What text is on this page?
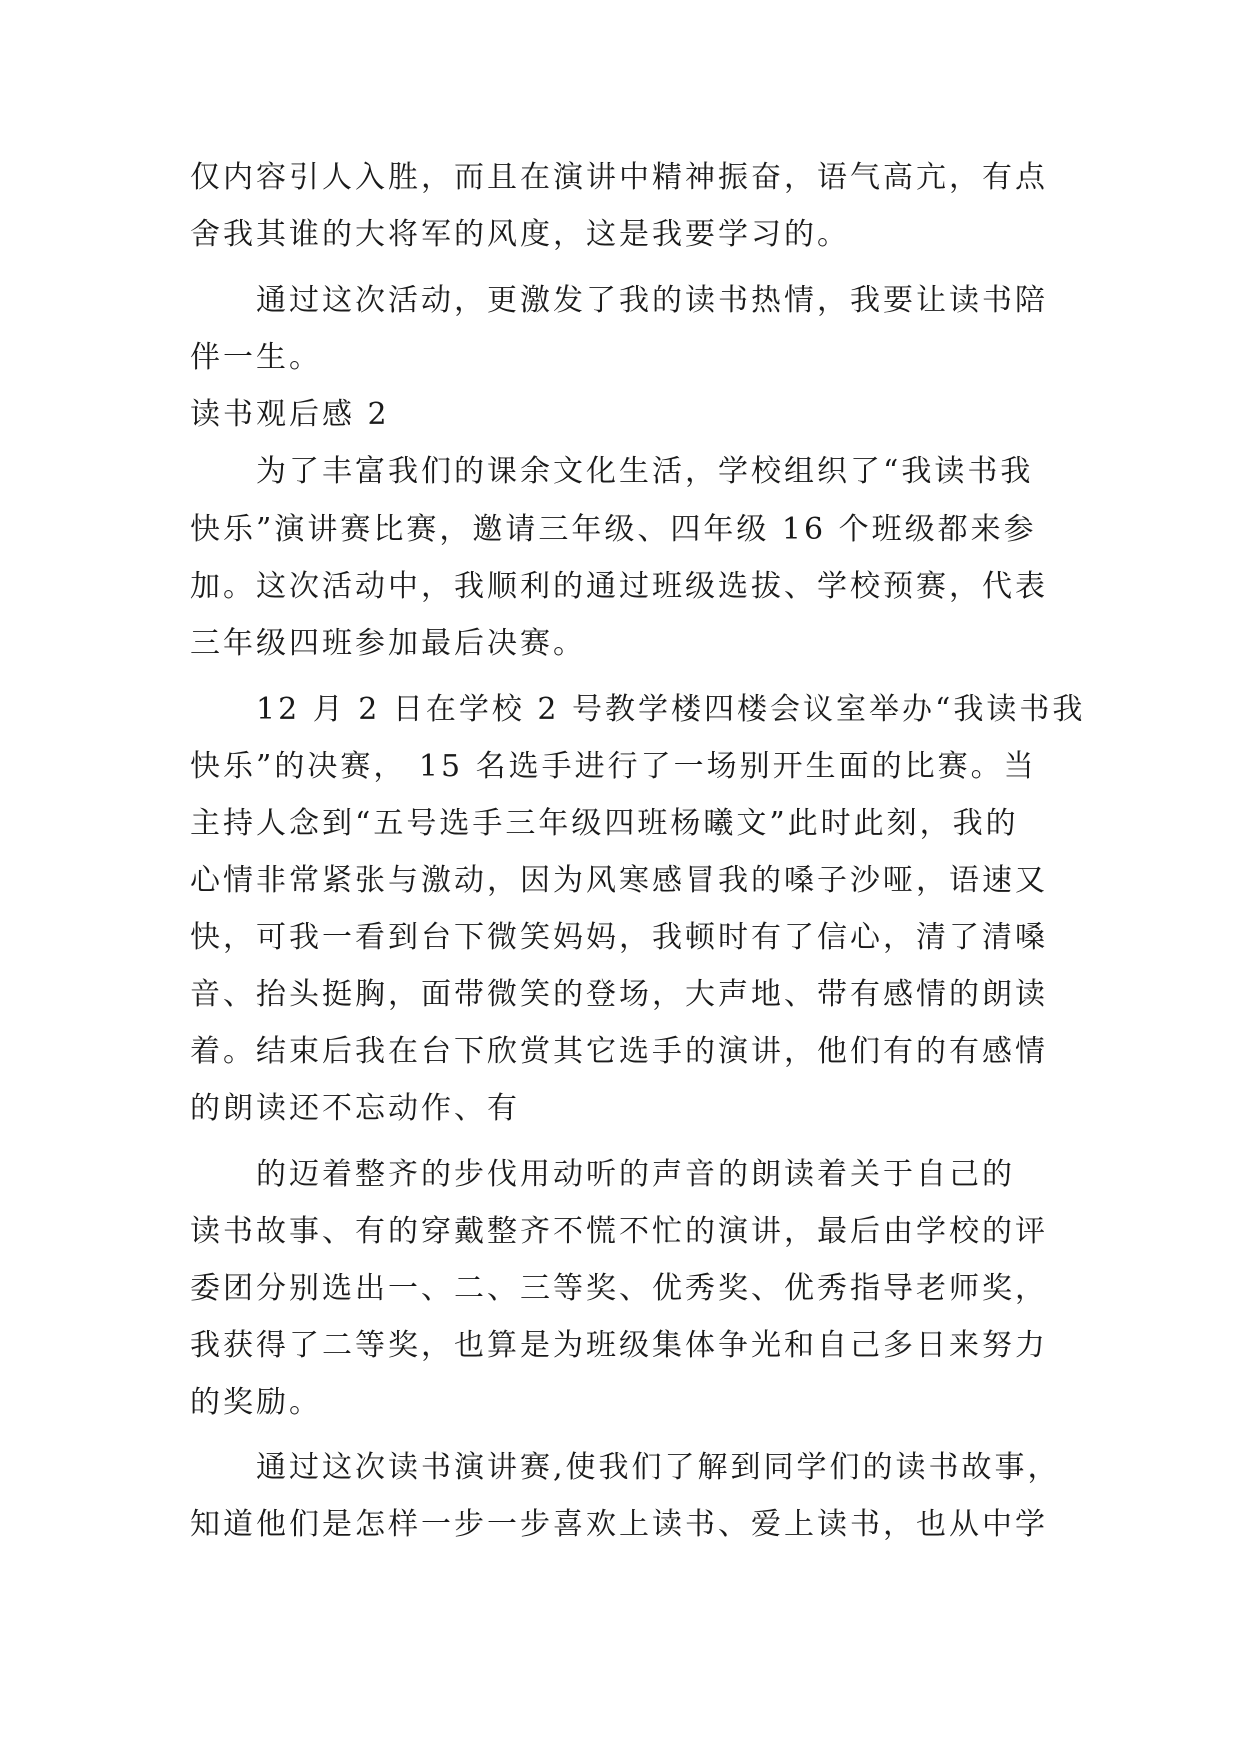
仅内容引人入胜，而且在演讲中精神振奋，语气高亢，有点
舍我其谁的大将军的风度，这是我要学习的。
　　通过这次活动，更激发了我的读书热情，我要让读书陪
伴一生。
读书观后感 2
　　为了丰富我们的课余文化生活，学校组织了“我读书我
快乐”演讲赛比赛，邀请三年级、四年级 16 个班级都来参
加。这次活动中，我顺利的通过班级选拔、学校预赛，代表
三年级四班参加最后决赛。
　　12 月 2 日在学校 2 号教学楼四楼会议室举办“我读书我
快乐”的决赛， 15 名选手进行了一场别开生面的比赛。当
主持人念到“五号选手三年级四班杨曦文”此时此刻，我的
心情非常紧张与激动，因为风寒感冒我的嗓子沙哑，语速又
快，可我一看到台下微笑妈妈，我顿时有了信心，清了清嗓
音、抬头挺胸，面带微笑的登场，大声地、带有感情的朗读
着。结束后我在台下欣赏其它选手的演讲，他们有的有感情
的朗读还不忘动作、有
　　的迈着整齐的步伐用动听的声音的朗读着关于自己的
读书故事、有的穿戴整齐不慌不忙的演讲，最后由学校的评
委团分别选出一、二、三等奖、优秀奖、优秀指导老师奖，
我获得了二等奖，也算是为班级集体争光和自己多日来努力
的奖励。
　　通过这次读书演讲赛,使我们了解到同学们的读书故事，
知道他们是怎样一步一步喜欢上读书、爱上读书，也从中学
